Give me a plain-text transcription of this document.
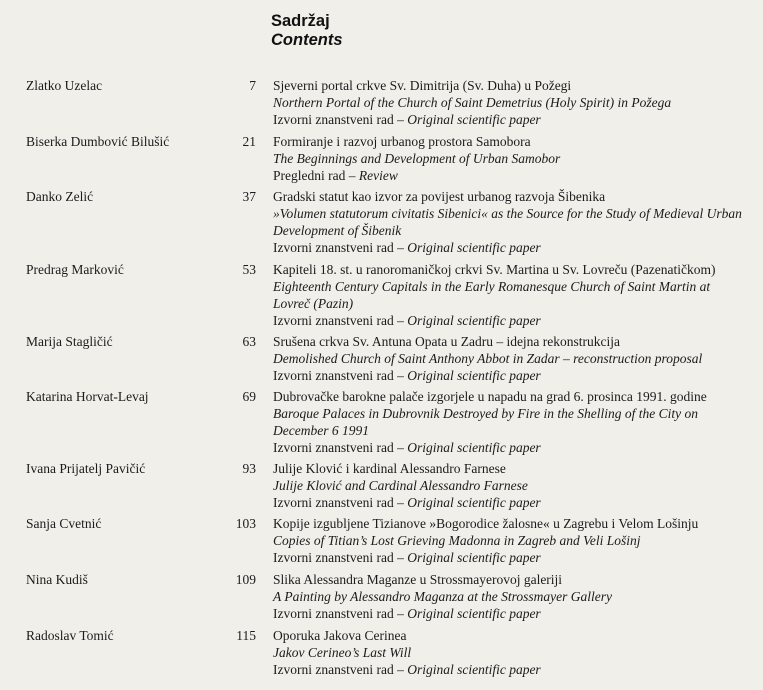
Sadržaj
Contents
Zlatko Uzelac	7 Sjeverni portal crkve Sv. Dimitrija (Sv. Duha) u Požegi
Northern Portal of the Church of Saint Demetrius (Holy Spirit) in Požega
Izvorni znanstveni rad – Original scientific paper
Biserka Dumbović Bilušić	21 Formiranje i razvoj urbanog prostora Samobora
The Beginnings and Development of Urban Samobor
Pregledni rad – Review
Danko Zelić	37 Gradski statut kao izvor za povijest urbanog razvoja Šibenika
»Volumen statutorum civitatis Sibenici« as the Source for the Study of Medieval Urban Development of Šibenik
Izvorni znanstveni rad – Original scientific paper
Predrag Marković	53 Kapiteli 18. st. u ranoromaničkoj crkvi Sv. Martina u Sv. Lovreču (Pazenatičkom)
Eighteenth Century Capitals in the Early Romanesque Church of Saint Martin at Lovreč (Pazin)
Izvorni znanstveni rad – Original scientific paper
Marija Stagličić	63 Srušena crkva Sv. Antuna Opata u Zadru – idejna rekonstrukcija
Demolished Church of Saint Anthony Abbot in Zadar – reconstruction proposal
Izvorni znanstveni rad – Original scientific paper
Katarina Horvat-Levaj	69 Dubrovačke barokne palače izgorjele u napadu na grad 6. prosinca 1991. godine
Baroque Palaces in Dubrovnik Destroyed by Fire in the Shelling of the City on December 6 1991
Izvorni znanstveni rad – Original scientific paper
Ivana Prijatelj Pavičić	93 Julije Klović i kardinal Alessandro Farnese
Julije Klović and Cardinal Alessandro Farnese
Izvorni znanstveni rad – Original scientific paper
Sanja Cvetnić	103 Kopije izgubljene Tizianove »Bogorodice žalosne« u Zagrebu i Velom Lošinju
Copies of Titian’s Lost Grieving Madonna in Zagreb and Veli Lošinj
Izvorni znanstveni rad – Original scientific paper
Nina Kudiš	109 Slika Alessandra Maganze u Strossmayerovoj galeriji
A Painting by Alessandro Maganza at the Strossmayer Gallery
Izvorni znanstveni rad – Original scientific paper
Radoslav Tomić	115 Oporuka Jakova Cerinea
Jakov Cerineo’s Last Will
Izvorni znanstveni rad – Original scientific paper
